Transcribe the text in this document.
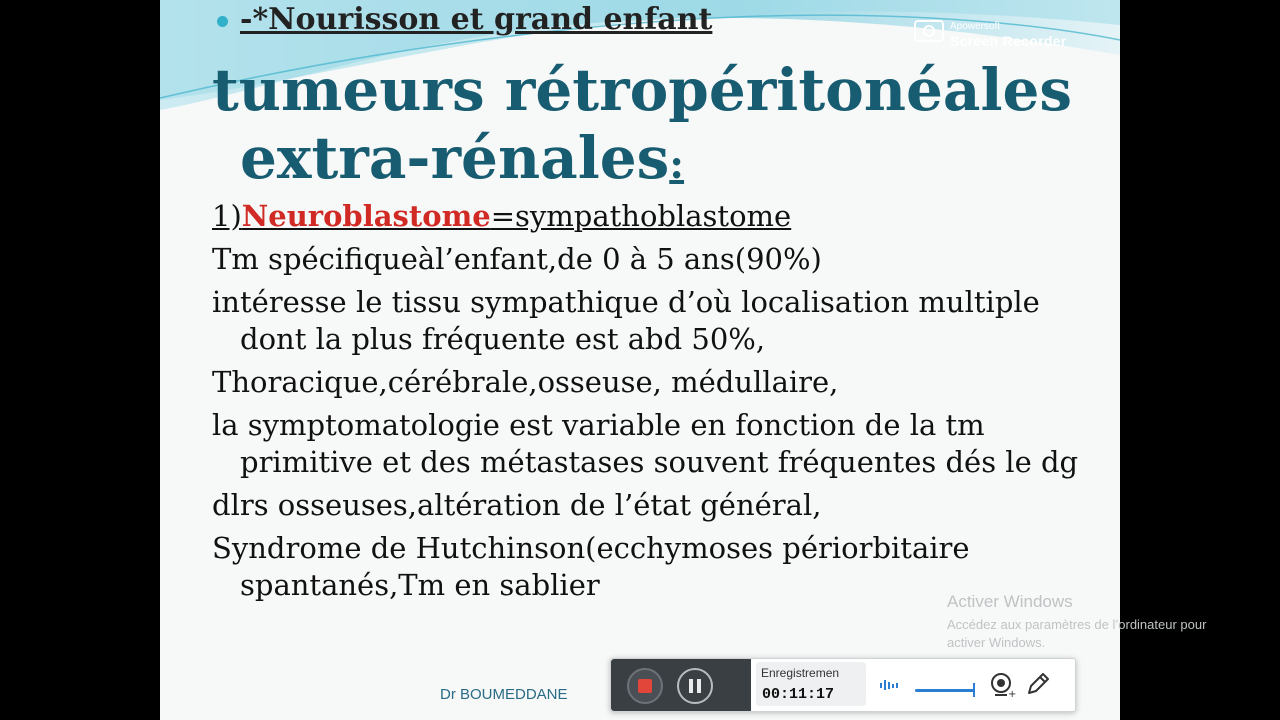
-*Nourisson et grand enfant
tumeurs rétropéritonéales
extra-rénales:
1)Neuroblastome=sympathoblastome
Tm spécifiqueàl’enfant,de 0 à 5 ans(90%)
intéresse le tissu sympathique d’où localisation multiple dont la plus fréquente est abd 50%,
Thoracique,cérébrale,osseuse, médullaire,
la symptomatologie est variable en fonction de la tm primitive et des métastases souvent fréquentes dés le dg
dlrs osseuses,altération de l’état général,
Syndrome de Hutchinson(ecchymoses périorbitaire spantanés,Tm en sablier
Dr BOUMEDDANE
Apowersoft
Screen Recorder
Activer Windows
Accédez aux paramètres de l’ordinateur pour activer Windows.
Enregistremen
00:11:17	+
